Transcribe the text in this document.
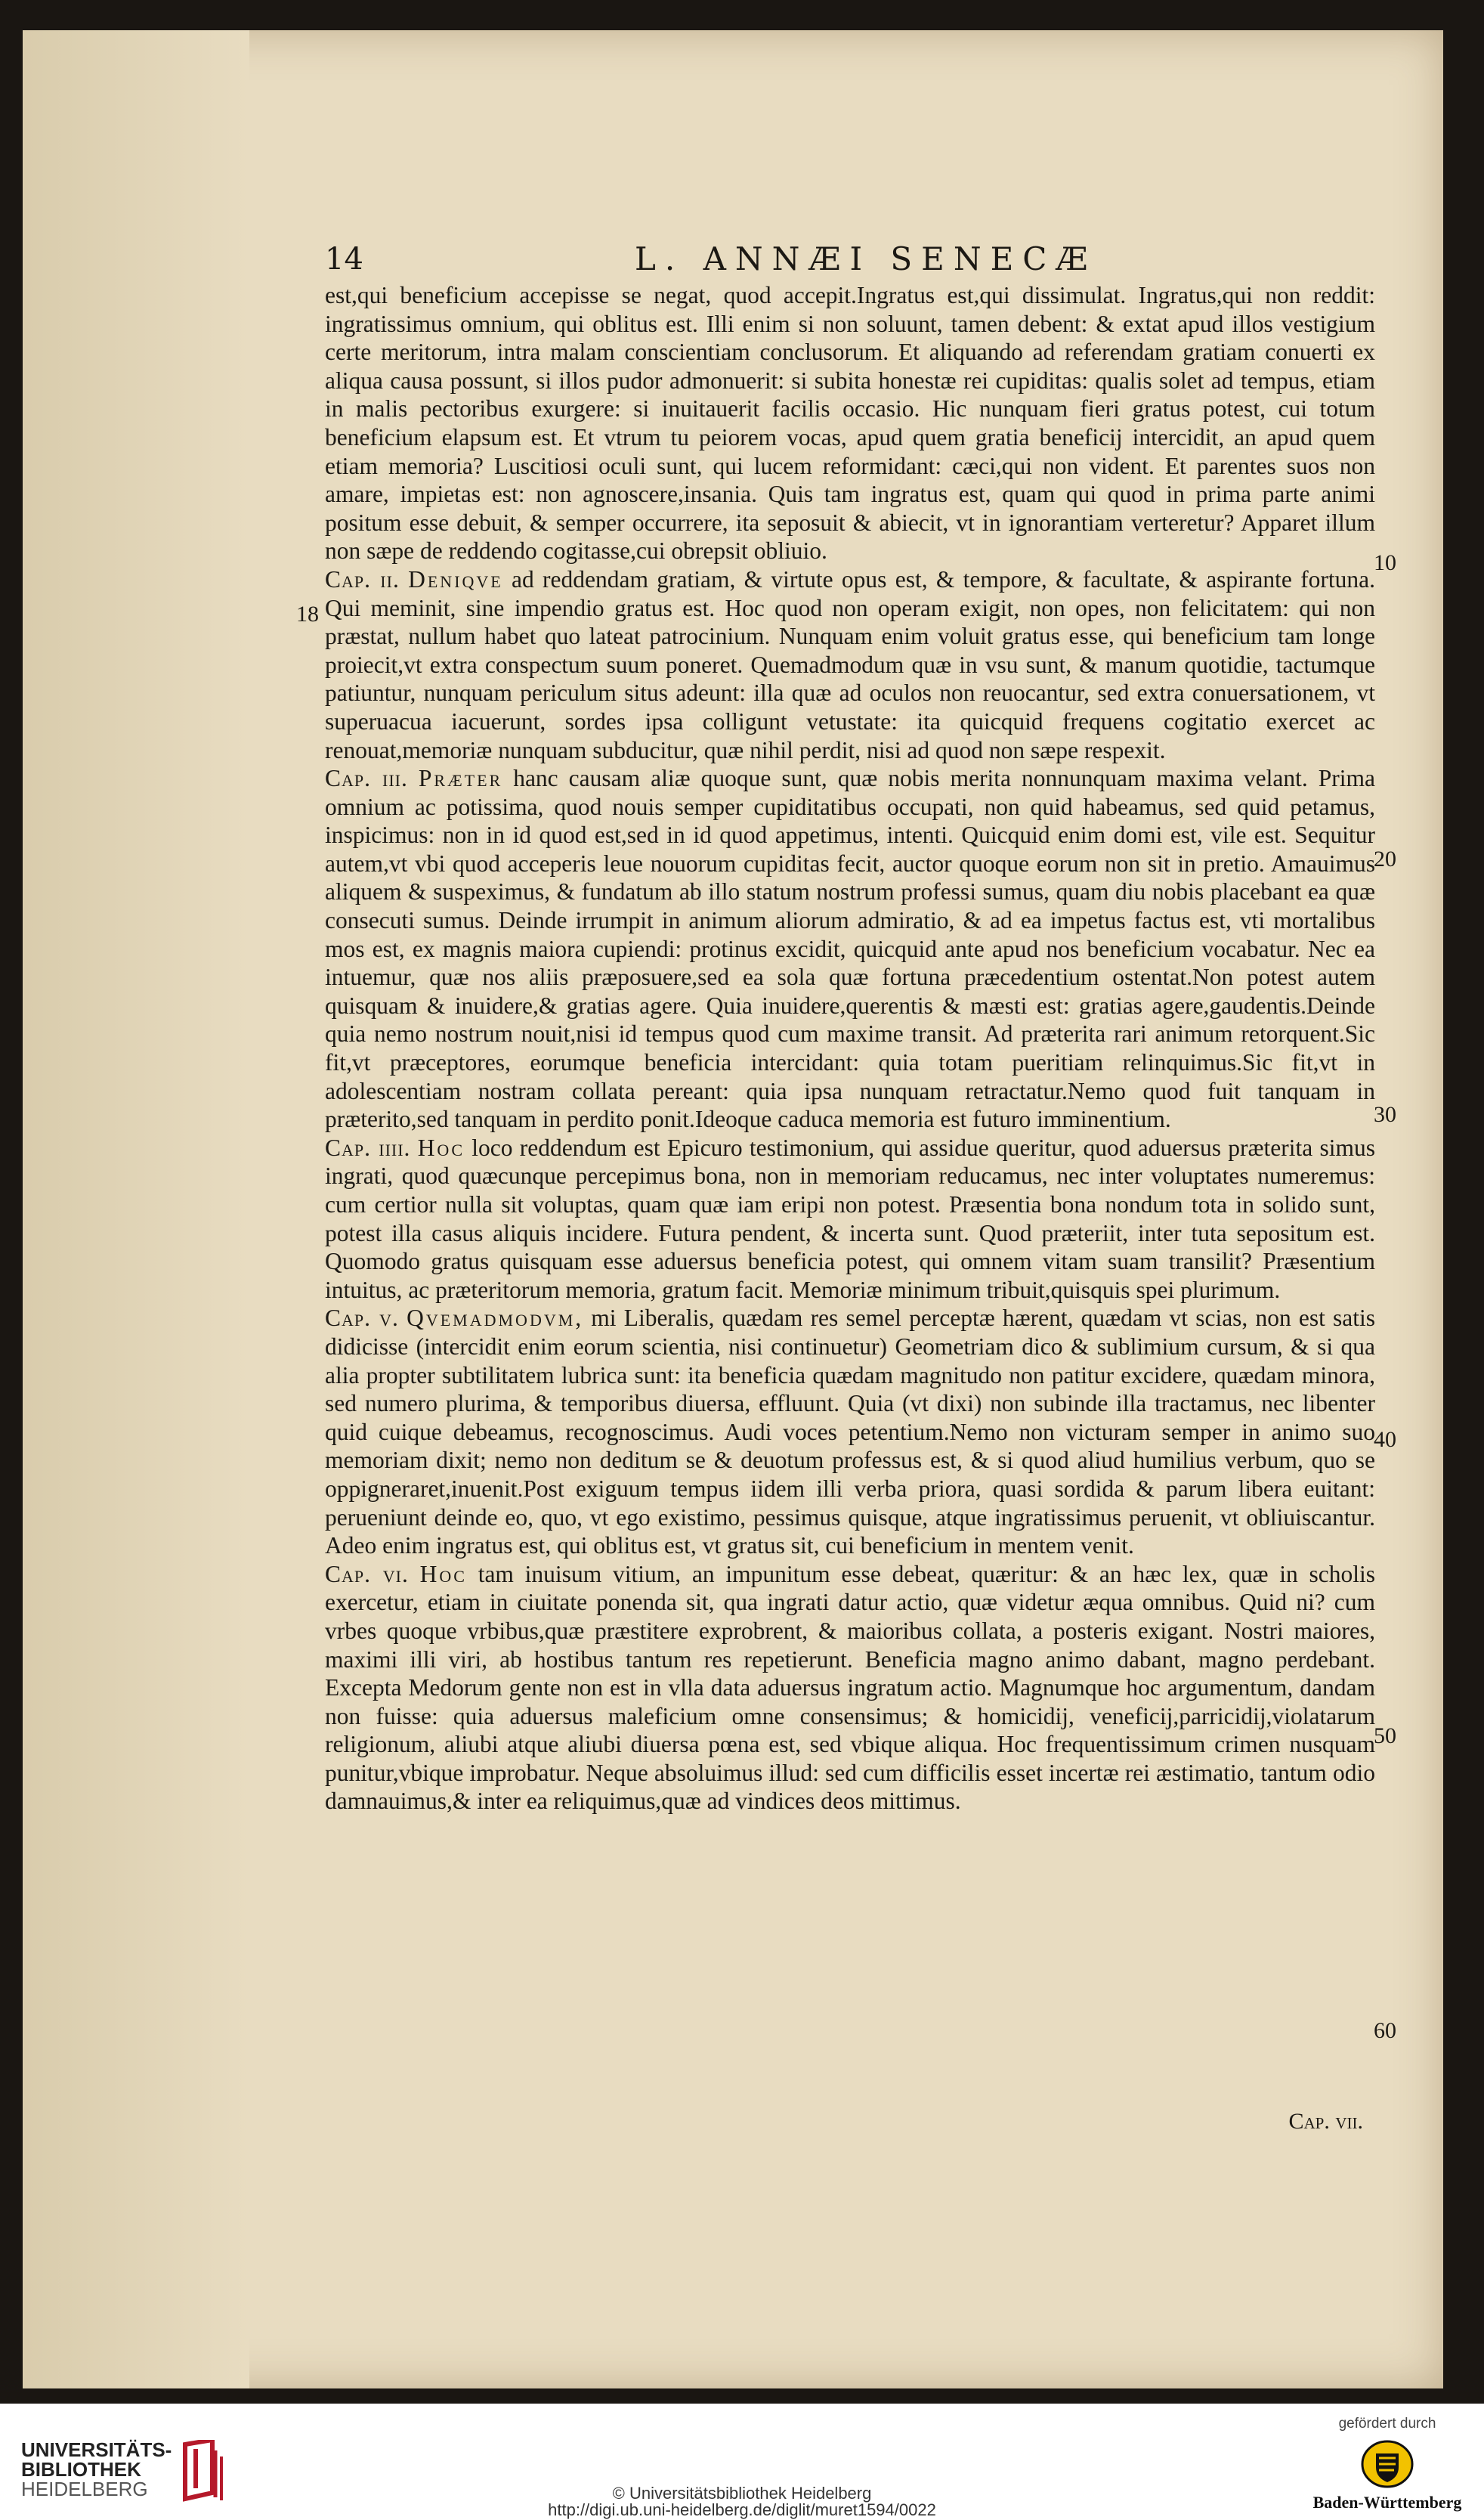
14	L. ANNÆI SENECÆ

est,qui beneficium accepisse se negat, quod accepit.Ingratus est,qui dissimulat. Ingratus,qui non reddit: ingratissimus omnium, qui oblitus est. Illi enim si non soluunt, tamen debent: & extat apud illos vestigium certe meritorum, intra malam conscientiam conclusorum. Et aliquando ad referendam gratiam conuerti ex aliqua causa possunt, si illos pudor admonuerit: si subita honestæ rei cupiditas: qualis solet ad tempus, etiam in malis pectoribus exurgere: si inuitauerit facilis occasio. Hic nunquam fieri gratus potest, cui totum beneficium elapsum est. Et vtrum tu peiorem vocas, apud quem gratia beneficij intercidit, an apud quem etiam memoria? Luscitiosi oculi sunt, qui lucem reformidant: cæci,qui non vident. Et parentes suos non amare, impietas est: non agnoscere,insania. Quis tam ingratus est, quam qui quod in prima parte animi positum esse debuit, & semper occurrere, ita seposuit & abiecit, vt in ignorantiam verteretur? Apparet illum non sæpe de reddendo cogitasse,cui obrepsit obliuio.

Cap. ii. Deniqve ad reddendam gratiam, & virtute opus est, & tempore, & facultate, & aspirante fortuna. Qui meminit, sine impendio gratus est. Hoc quod non operam exigit, non opes, non felicitatem: qui non præstat, nullum habet quo lateat patrocinium. Nunquam enim voluit gratus esse, qui beneficium tam longe proiecit,vt extra conspectum suum poneret. Quemadmodum quæ in vsu sunt, & manum quotidie, tactumque patiuntur, nunquam periculum situs adeunt: illa quæ ad oculos non reuocantur, sed extra conuersationem, vt superuacua iacuerunt, sordes ipsa colligunt vetustate: ita quicquid frequens cogitatio exercet ac renouat,memoriæ nunquam subducitur, quæ nihil perdit, nisi ad quod non sæpe respexit.

Cap. iii. Præter hanc causam aliæ quoque sunt, quæ nobis merita nonnunquam maxima velant. Prima omnium ac potissima, quod nouis semper cupiditatibus occupati, non quid habeamus, sed quid petamus, inspicimus: non in id quod est,sed in id quod appetimus, intenti. Quicquid enim domi est, vile est. Sequitur autem,vt vbi quod acceperis leue nouorum cupiditas fecit, auctor quoque eorum non sit in pretio. Amauimus aliquem & suspeximus, & fundatum ab illo statum nostrum professi sumus, quam diu nobis placebant ea quæ consecuti sumus. Deinde irrumpit in animum aliorum admiratio, & ad ea impetus factus est, vti mortalibus mos est, ex magnis maiora cupiendi: protinus excidit, quicquid ante apud nos beneficium vocabatur. Nec ea intuemur, quæ nos aliis præposuere,sed ea sola quæ fortuna præcedentium ostentat.Non potest autem quisquam & inuidere,& gratias agere. Quia inuidere,querentis & mæsti est: gratias agere,gaudentis.Deinde quia nemo nostrum nouit,nisi id tempus quod cum maxime transit. Ad præterita rari animum retorquent.Sic fit,vt præceptores, eorumque beneficia intercidant: quia totam pueritiam relinquimus.Sic fit,vt in adolescentiam nostram collata pereant: quia ipsa nunquam retractatur.Nemo quod fuit tanquam in præterito,sed tanquam in perdito ponit.Ideoque caduca memoria est futuro imminentium.

Cap. iiii. Hoc loco reddendum est Epicuro testimonium, qui assidue queritur, quod aduersus præterita simus ingrati, quod quæcunque percepimus bona, non in memoriam reducamus, nec inter voluptates numeremus: cum certior nulla sit voluptas, quam quæ iam eripi non potest. Præsentia bona nondum tota in solido sunt, potest illa casus aliquis incidere. Futura pendent, & incerta sunt. Quod præteriit, inter tuta sepositum est. Quomodo gratus quisquam esse aduersus beneficia potest, qui omnem vitam suam transilit? Præsentium intuitus, ac præteritorum memoria, gratum facit. Memoriæ minimum tribuit,quisquis spei plurimum.

Cap. v. Qvemadmodvm, mi Liberalis, quædam res semel perceptæ hærent, quædam vt scias, non est satis didicisse (intercidit enim eorum scientia, nisi continuetur) Geometriam dico & sublimium cursum, & si qua alia propter subtilitatem lubrica sunt: ita beneficia quædam magnitudo non patitur excidere, quædam minora, sed numero plurima, & temporibus diuersa, effluunt. Quia (vt dixi) non subinde illa tractamus, nec libenter quid cuique debeamus, recognoscimus. Audi voces petentium.Nemo non victuram semper in animo suo memoriam dixit; nemo non deditum se & deuotum professus est, & si quod aliud humilius verbum, quo se oppigneraret,inuenit.Post exiguum tempus iidem illi verba priora, quasi sordida & parum libera euitant: perueniunt deinde eo, quo, vt ego existimo, pessimus quisque, atque ingratissimus peruenit, vt obliuiscantur. Adeo enim ingratus est, qui oblitus est, vt gratus sit, cui beneficium in mentem venit.

Cap. vi. Hoc tam inuisum vitium, an impunitum esse debeat, quæritur: & an hæc lex, quæ in scholis exercetur, etiam in ciuitate ponenda sit, qua ingrati datur actio, quæ videtur æqua omnibus. Quid ni? cum vrbes quoque vrbibus,quæ præstitere exprobrent, & maioribus collata, a posteris exigant. Nostri maiores, maximi illi viri, ab hostibus tantum res repetierunt. Beneficia magno animo dabant, magno perdebant. Excepta Medorum gente non est in vlla data aduersus ingratum actio. Magnumque hoc argumentum, dandam non fuisse: quia aduersus maleficium omne consensimus; & homicidij, veneficij,parricidij,violatarum religionum, aliubi atque aliubi diuersa pœna est, sed vbique aliqua. Hoc frequentissimum crimen nusquam punitur,vbique improbatur. Neque absoluimus illud: sed cum difficilis esset incertæ rei æstimatio, tantum odio damnauimus,& inter ea reliquimus,quæ ad vindices deos mittimus.

10
18
20
30
40
50
60
Cap. vii.
UNIVERSITÄTS-
BIBLIOTHEK
HEIDELBERG	© Universitätsbibliothek Heidelberg
http://digi.ub.uni-heidelberg.de/diglit/muret1594/0022
gefördert durch
Baden-Württemberg
